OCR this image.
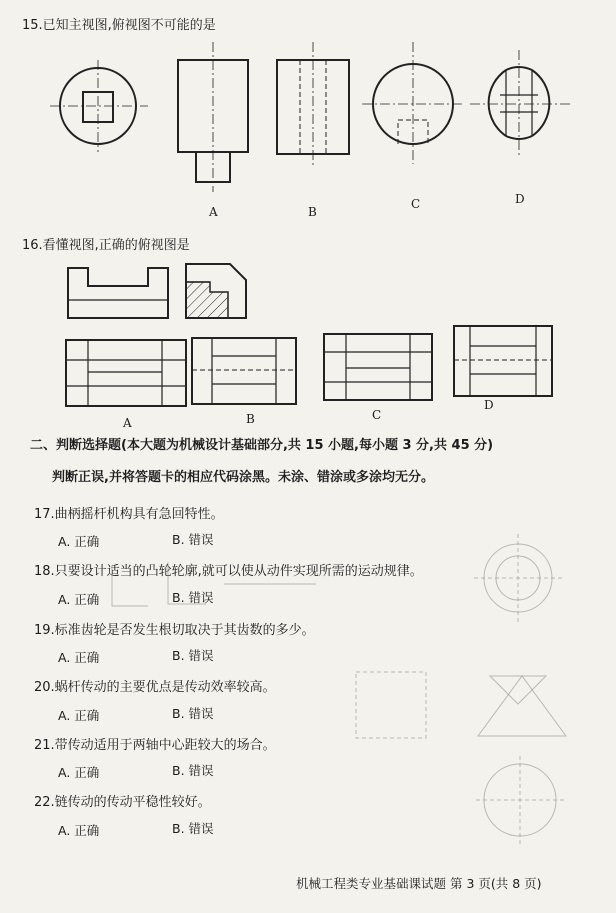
15.已知主视图,俯视图不可能的是
A	B
C	D
16.看懂视图,正确的俯视图是
A	B	C
D
二、判断选择题(本大题为机械设计基础部分,共 15 小题,每小题 3 分,共 45 分)
判断正误,并将答题卡的相应代码涂黑。未涂、错涂或多涂均无分。
17.曲柄摇杆机构具有急回特性。
A. 正确	B. 错误
18.只要设计适当的凸轮轮廓,就可以使从动件实现所需的运动规律。
A. 正确	B. 错误
19.标准齿轮是否发生根切取决于其齿数的多少。
A. 正确	B. 错误
20.蜗杆传动的主要优点是传动效率较高。
A. 正确	B. 错误
21.带传动适用于两轴中心距较大的场合。
A. 正确	B. 错误
22.链传动的传动平稳性较好。
A. 正确	B. 错误
机械工程类专业基础课试题 第 3 页(共 8 页)
